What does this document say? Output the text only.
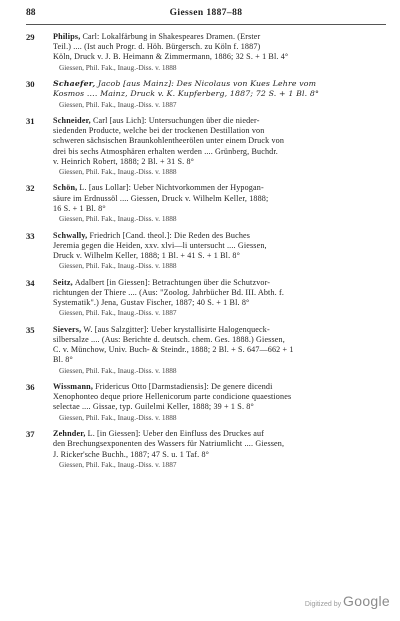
88	Giessen 1887–88
29 Philips, Carl: Lokalfärbung in Shakespeares Dramen. (Erster
Teil.) .... (Ist auch Progr. d. Höh. Bürgersch. zu Köln f. 1887)
Köln, Druck v. J. B. Heimann & Zimmermann, 1886; 32 S. + 1 Bl. 4°
Giessen, Phil. Fak., Inaug.-Diss. v. 1888
30 Schaefer, Jacob [aus Mainz]: Des Nicolaus von Kues Lehre vom
Kosmos .... Mainz, Druck v. K. Kupferberg, 1887; 72 S. + 1 Bl. 8°
Giessen, Phil. Fak., Inaug.-Diss. v. 1887
31 Schneider, Carl [aus Lich]: Untersuchungen über die nieder-
siedenden Producte, welche bei der trockenen Destillation von
schweren sächsischen Braunkohlentheerölen unter einem Druck von
drei bis sechs Atmosphären erhalten werden .... Grünberg, Buchdr.
v. Heinrich Robert, 1888; 2 Bl. + 31 S. 8°
Giessen, Phil. Fak., Inaug.-Diss. v. 1888
32 Schön, L. [aus Lollar]: Ueber Nichtvorkommen der Hypogan-
säure im Erdnussöl .... Giessen, Druck v. Wilhelm Keller, 1888;
16 S. + 1 Bl. 8°
Giessen, Phil. Fak., Inaug.-Diss. v. 1888
33 Schwally, Friedrich [Cand. theol.]: Die Reden des Buches
Jeremia gegen die Heiden, xxv. xlvi—li untersucht .... Giessen,
Druck v. Wilhelm Keller, 1888; 1 Bl. + 41 S. + 1 Bl. 8°
Giessen, Phil. Fak., Inaug.-Diss. v. 1888
34 Seitz, Adalbert [in Giessen]: Betrachtungen über die Schutzvor-
richtungen der Thiere .... (Aus: "Zoolog. Jahrbücher Bd. III. Abth. f.
Systematik".) Jena, Gustav Fischer, 1887; 40 S. + 1 Bl. 8°
Giessen, Phil. Fak., Inaug.-Diss. v. 1887
35 Sievers, W. [aus Salzgitter]: Ueber krystallisirte Halogenqueck-
silbersalze .... (Aus: Berichte d. deutsch. chem. Ges. 1888.) Giessen,
C. v. Münchow, Univ. Buch- & Steindr., 1888; 2 Bl. + S. 647—662 + 1
Bl. 8°
Giessen, Phil. Fak., Inaug.-Diss. v. 1888
36 Wissmann, Fridericus Otto [Darmstadiensis]: De genere dicendi
Xenophonteo deque priore Hellenicorum parte condicione quaestiones
selectae .... Gissae, typ. Guilelmi Keller, 1888; 39 + 1 S. 8°
Giessen, Phil. Fak., Inaug.-Diss. v. 1888
37 Zehnder, L. [in Giessen]: Ueber den Einfluss des Druckes auf
den Brechungsexponenten des Wassers für Natriumlicht .... Giessen,
J. Ricker'sche Buchh., 1887; 47 S. u. 1 Taf. 8°
Giessen, Phil. Fak., Inaug.-Diss. v. 1887
Digitized by Google
